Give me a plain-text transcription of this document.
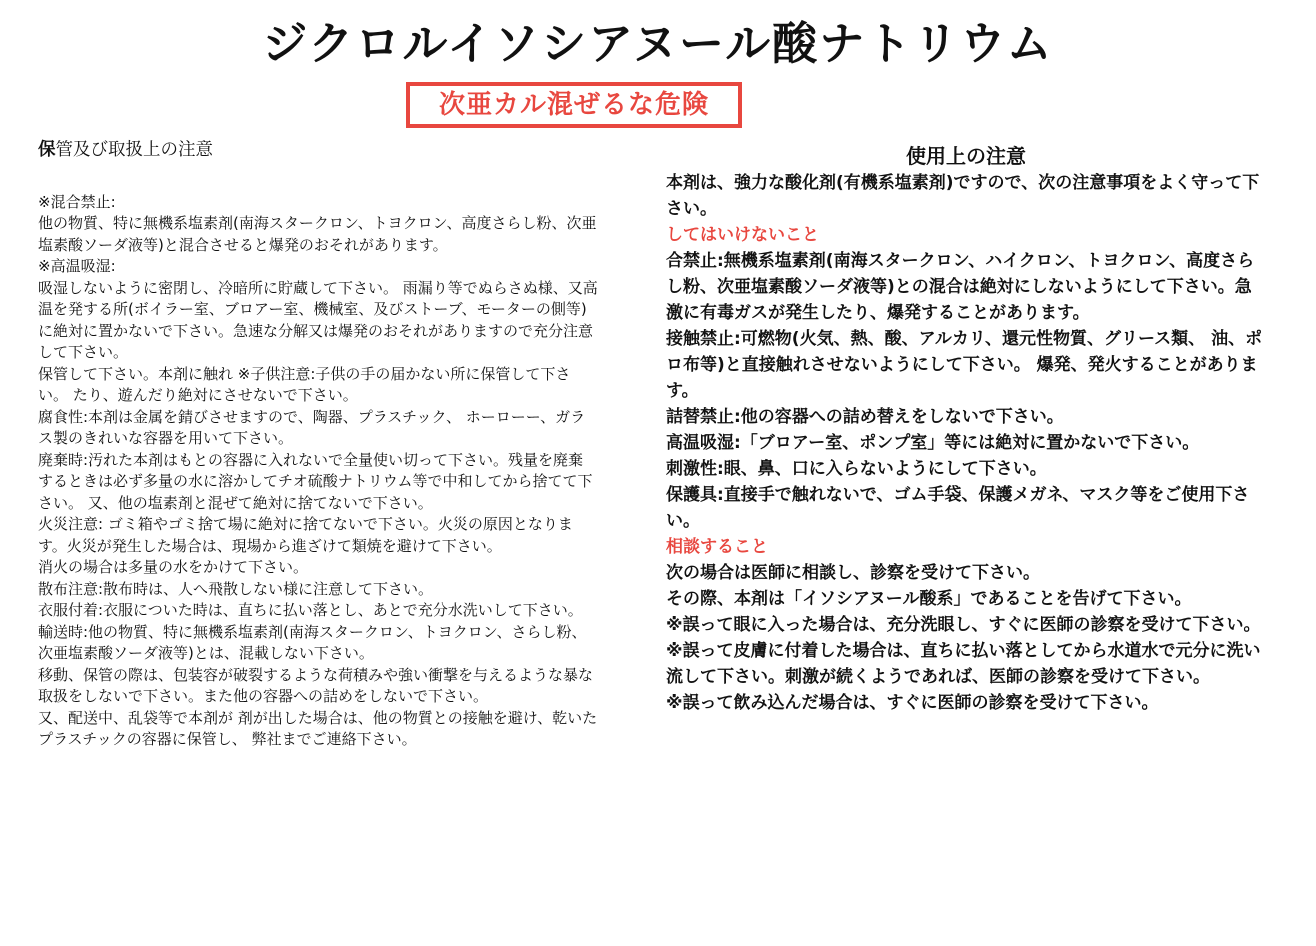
ジクロルイソシアヌール酸ナトリウム
次亜カル混ぜるな危険
保管及び取扱上の注意

※混合禁止:

他の物質、特に無機系塩素剤(南海スタークロン、トヨクロン、高度さらし粉、次亜塩素酸ソーダ液等)と混合させると爆発のおそれがあります。

※高温吸湿:

吸湿しないように密閉し、冷暗所に貯蔵して下さい。 雨漏り等でぬらさぬ様、又高温を発する所(ボイラー室、ブロアー室、機械室、及びストーブ、モーターの側等)に絶対に置かないで下さい。急速な分解又は爆発のおそれがありますので充分注意して下さい。

保管して下さい。本剤に触れ ※子供注意:子供の手の届かない所に保管して下さい。 たり、遊んだり絶対にさせないで下さい。

腐食性:本剤は金属を錆びさせますので、陶器、プラスチック、 ホーローー、ガラス製のきれいな容器を用いて下さい。

廃棄時:汚れた本剤はもとの容器に入れないで全量使い切って下さい。残量を廃棄するときは必ず多量の水に溶かしてチオ硫酸ナトリウム等で中和してから捨てて下さい。 又、他の塩素剤と混ぜて絶対に捨てないで下さい。

火災注意: ゴミ箱やゴミ捨て場に絶対に捨てないで下さい。火災の原因となります。火災が発生した場合は、現場から進ざけて類焼を避けて下さい。

消火の場合は多量の水をかけて下さい。

散布注意:散布時は、人へ飛散しない様に注意して下さい。

衣服付着:衣服についた時は、直ちに払い落とし、あとで充分水洗いして下さい。

輸送時:他の物質、特に無機系塩素剤(南海スタークロン、トヨクロン、さらし粉、次亜塩素酸ソーダ液等)とは、混載しない下さい。

移動、保管の際は、包装容が破裂するような荷積みや強い衝撃を与えるような暴な取扱をしないで下さい。また他の容器への詰めをしないで下さい。

又、配送中、乱袋等で本剤が 剤が出した場合は、他の物質との接触を避け、乾いたプラスチックの容器に保管し、 弊社までご連絡下さい。

使用上の注意

本剤は、強力な酸化剤(有機系塩素剤)ですので、次の注意事項をよく守って下さい。

してはいけないこと

合禁止:無機系塩素剤(南海スタークロン、ハイクロン、トヨクロン、高度さらし粉、次亜塩素酸ソーダ液等)との混合は絶対にしないようにして下さい。急激に有毒ガスが発生したり、爆発することがあります。

接触禁止:可燃物(火気、熱、酸、アルカリ、還元性物質、グリース類、 油、ポロ布等)と直接触れさせないようにして下さい。 爆発、発火することがあります。

詰替禁止:他の容器への詰め替えをしないで下さい。

高温吸湿:「ブロアー室、ポンプ室」等には絶対に置かないで下さい。

刺激性:眼、鼻、口に入らないようにして下さい。

保護具:直接手で触れないで、ゴム手袋、保護メガネ、マスク等をご使用下さい。

相談すること

次の場合は医師に相談し、診察を受けて下さい。

その際、本剤は「イソシアヌール酸系」であることを告げて下さい。

※誤って眼に入った場合は、充分洗眼し、すぐに医師の診察を受けて下さい。

※誤って皮膚に付着した場合は、直ちに払い落としてから水道水で元分に洗い流して下さい。刺激が続くようであれば、医師の診察を受けて下さい。

※誤って飲み込んだ場合は、すぐに医師の診察を受けて下さい。
